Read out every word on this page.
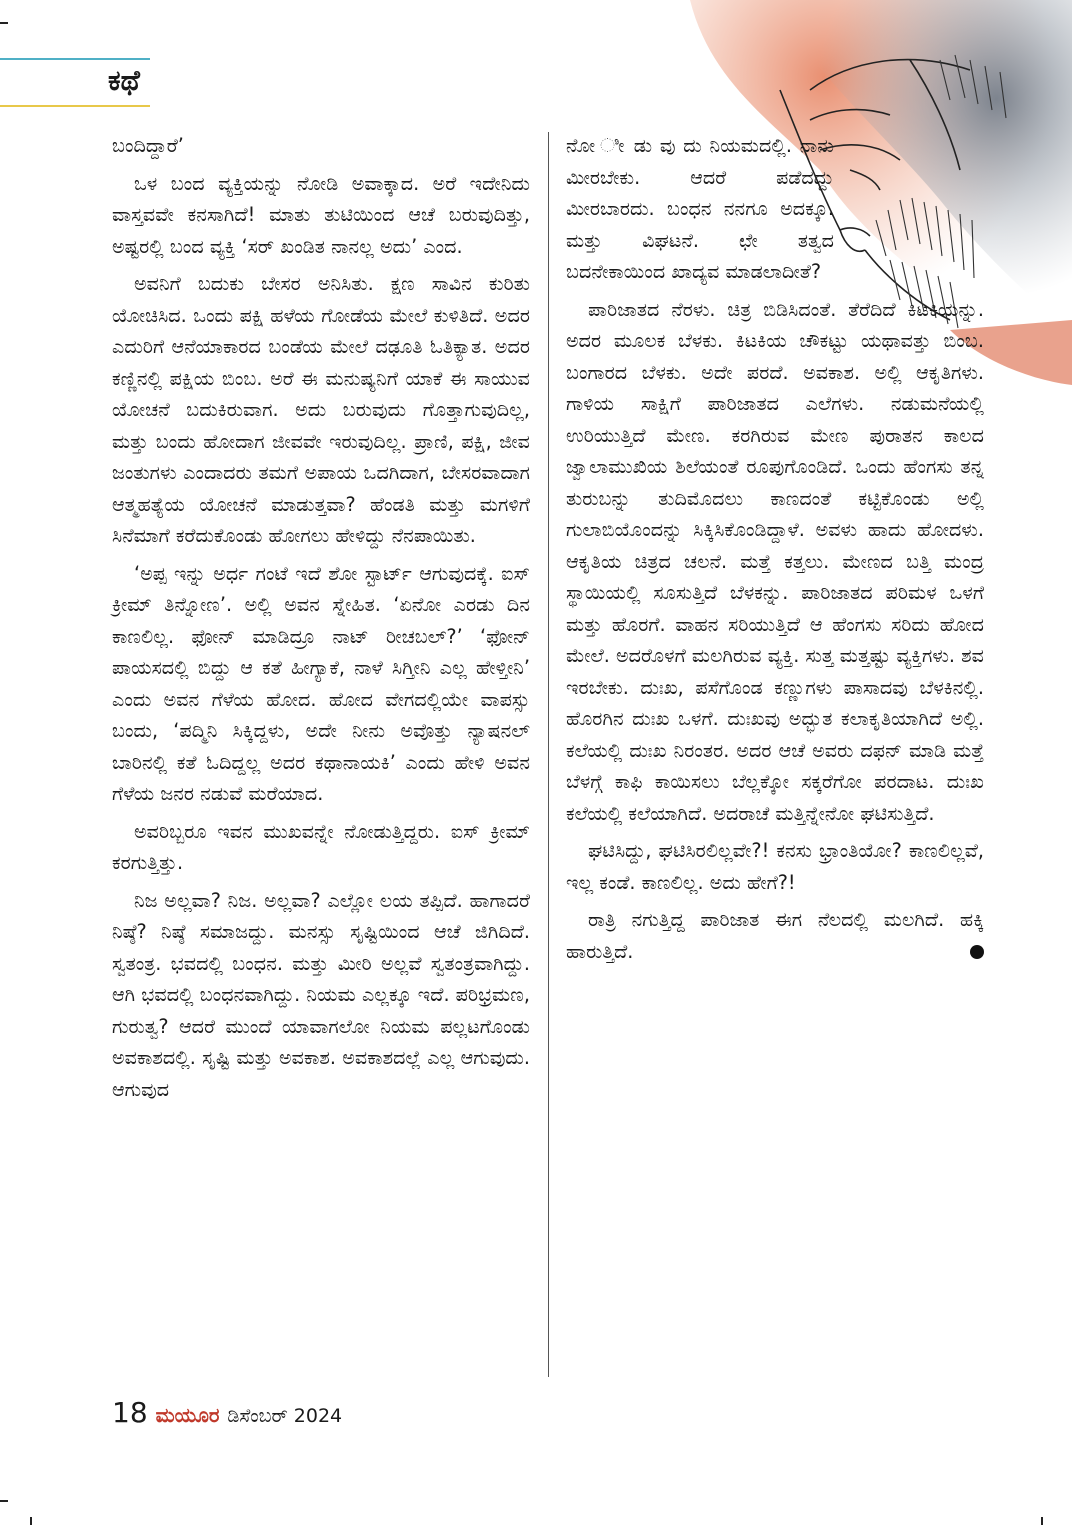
ಕಥೆ

ಬಂದಿದ್ದಾರೆ’

ಒಳ ಬಂದ ವ್ಯಕ್ತಿಯನ್ನು ನೋಡಿ ಅವಾಕ್ಕಾದ. ಅರೆ ಇದೇನಿದು ವಾಸ್ತವವೇ ಕನಸಾಗಿದೆ! ಮಾತು ತುಟಿಯಿಂದ ಆಚೆ ಬರುವುದಿತ್ತು, ಅಷ್ಟರಲ್ಲಿ ಬಂದ ವ್ಯಕ್ತಿ ‘ಸರ್ ಖಂಡಿತ ನಾನಲ್ಲ ಅದು’ ಎಂದ.

ಅವನಿಗೆ ಬದುಕು ಬೇಸರ ಅನಿಸಿತು. ಕ್ಷಣ ಸಾವಿನ ಕುರಿತು ಯೋಚಿಸಿದ. ಒಂದು ಪಕ್ಷಿ ಹಳೆಯ ಗೋಡೆಯ ಮೇಲೆ ಕುಳಿತಿದೆ. ಅದರ ಎದುರಿಗೆ ಆನೆಯಾಕಾರದ ಬಂಡೆಯ ಮೇಲೆ ದಢೂತಿ ಓತಿಕ್ಯಾತ. ಅದರ ಕಣ್ಣಿನಲ್ಲಿ ಪಕ್ಷಿಯ ಬಿಂಬ. ಅರೆ ಈ ಮನುಷ್ಯನಿಗೆ ಯಾಕೆ ಈ ಸಾಯುವ ಯೋಚನೆ ಬದುಕಿರುವಾಗ. ಅದು ಬರುವುದು ಗೊತ್ತಾಗುವುದಿಲ್ಲ, ಮತ್ತು ಬಂದು ಹೋದಾಗ ಜೀವವೇ ಇರುವುದಿಲ್ಲ. ಪ್ರಾಣಿ, ಪಕ್ಷಿ, ಜೀವ ಜಂತುಗಳು ಎಂದಾದರು ತಮಗೆ ಅಪಾಯ ಒದಗಿದಾಗ, ಬೇಸರವಾದಾಗ ಆತ್ಮಹತ್ಯೆಯ ಯೋಚನೆ ಮಾಡುತ್ತವಾ? ಹೆಂಡತಿ ಮತ್ತು ಮಗಳಿಗೆ ಸಿನೆಮಾಗೆ ಕರೆದುಕೊಂಡು ಹೋಗಲು ಹೇಳಿದ್ದು ನೆನಪಾಯಿತು.

‘ಅಪ್ಪ ಇನ್ನು ಅರ್ಧ ಗಂಟೆ ಇದೆ ಶೋ ಸ್ಟಾರ್ಟ್ ಆಗುವುದಕ್ಕೆ. ಐಸ್ ಕ್ರೀಮ್ ತಿನ್ನೋಣ’. ಅಲ್ಲಿ ಅವನ ಸ್ನೇಹಿತ. ‘ಏನೋ ಎರಡು ದಿನ ಕಾಣಲಿಲ್ಲ. ಫೋನ್ ಮಾಡಿದ್ರೂ ನಾಟ್ ರೀಚಬಲ್?’ ‘ಫೋನ್ ಪಾಯಸದಲ್ಲಿ ಬಿದ್ದು ಆ ಕತೆ ಹೀಗ್ಯಾಕೆ, ನಾಳೆ ಸಿಗ್ತೀನಿ ಎಲ್ಲ ಹೇಳ್ತೀನಿ’ ಎಂದು ಅವನ ಗೆಳೆಯ ಹೋದ. ಹೋದ ವೇಗದಲ್ಲಿಯೇ ವಾಪಸ್ಸು ಬಂದು, ‘ಪದ್ಮಿನಿ ಸಿಕ್ಕಿದ್ದಳು, ಅದೇ ನೀನು ಅವೊತ್ತು ನ್ಯಾಷನಲ್ ಬಾರಿನಲ್ಲಿ ಕತೆ ಓದಿದ್ದಲ್ಲ ಅದರ ಕಥಾನಾಯಕಿ’ ಎಂದು ಹೇಳಿ ಅವನ ಗೆಳೆಯ ಜನರ ನಡುವೆ ಮರೆಯಾದ.

ಅವರಿಬ್ಬರೂ ಇವನ ಮುಖವನ್ನೇ ನೋಡುತ್ತಿದ್ದರು. ಐಸ್ ಕ್ರೀಮ್ ಕರಗುತ್ತಿತ್ತು.

ನಿಜ ಅಲ್ಲವಾ? ನಿಜ. ಅಲ್ಲವಾ? ಎಲ್ಲೋ ಲಯ ತಪ್ಪಿದೆ. ಹಾಗಾದರೆ ನಿಷ್ಠೆ? ನಿಷ್ಠೆ ಸಮಾಜದ್ದು. ಮನಸ್ಸು ಸೃಷ್ಟಿಯಿಂದ ಆಚೆ ಜಿಗಿದಿದೆ. ಸ್ವತಂತ್ರ. ಭವದಲ್ಲಿ ಬಂಧನ. ಮತ್ತು ಮೀರಿ ಅಲ್ಲವೆ ಸ್ವತಂತ್ರವಾಗಿದ್ದು. ಆಗಿ ಭವದಲ್ಲಿ ಬಂಧನವಾಗಿದ್ದು. ನಿಯಮ ಎಲ್ಲಕ್ಕೂ ಇದೆ. ಪರಿಭ್ರಮಣ, ಗುರುತ್ವ? ಆದರೆ ಮುಂದೆ ಯಾವಾಗಲೋ ನಿಯಮ ಪಲ್ಲಟಗೊಂಡು ಅವಕಾಶದಲ್ಲಿ. ಸೃಷ್ಟಿ ಮತ್ತು ಅವಕಾಶ. ಅವಕಾಶದಲ್ಲೆ ಎಲ್ಲ ಆಗುವುದು. ಆಗುವುದ

ನೋ ೀ ಡು ವು ದು ನಿಯಮದಲ್ಲಿ. ನಾನು ಮೀರಬೇಕು. ಆದರೆ ಪಡೆದದ್ದು ಮೀರಬಾರದು. ಬಂಧನ ನನಗೂ ಅದಕ್ಕೂ. ಮತ್ತು ವಿಘಟನೆ. ಛೇ ತತ್ವದ ಬದನೇಕಾಯಿಂದ ಖಾದ್ಯವ ಮಾಡಲಾದೀತೆ?

ಪಾರಿಜಾತದ ನೆರಳು. ಚಿತ್ರ ಬಿಡಿಸಿದಂತೆ. ತೆರೆದಿದೆ ಕಿಟಕಿಯನ್ನು. ಅದರ ಮೂಲಕ ಬೆಳಕು. ಕಿಟಕಿಯ ಚೌಕಟ್ಟು ಯಥಾವತ್ತು ಬಿಂಬ. ಬಂಗಾರದ ಬೆಳಕು. ಅದೇ ಪರದೆ. ಅವಕಾಶ. ಅಲ್ಲಿ ಆಕೃತಿಗಳು. ಗಾಳಿಯ ಸಾಕ್ಷಿಗೆ ಪಾರಿಜಾತದ ಎಲೆಗಳು. ನಡುಮನೆಯಲ್ಲಿ ಉರಿಯುತ್ತಿದೆ ಮೇಣ. ಕರಗಿರುವ ಮೇಣ ಪುರಾತನ ಕಾಲದ ಜ್ವಾಲಾಮುಖಿಯ ಶಿಲೆಯಂತೆ ರೂಪುಗೊಂಡಿದೆ. ಒಂದು ಹೆಂಗಸು ತನ್ನ ತುರುಬನ್ನು ತುದಿಮೊದಲು ಕಾಣದಂತೆ ಕಟ್ಟಿಕೊಂಡು ಅಲ್ಲಿ ಗುಲಾಬಿಯೊಂದನ್ನು ಸಿಕ್ಕಿಸಿಕೊಂಡಿದ್ದಾಳೆ. ಅವಳು ಹಾದು ಹೋದಳು. ಆಕೃತಿಯ ಚಿತ್ರದ ಚಲನೆ. ಮತ್ತೆ ಕತ್ತಲು. ಮೇಣದ ಬತ್ತಿ ಮಂದ್ರ ಸ್ಥಾಯಿಯಲ್ಲಿ ಸೂಸುತ್ತಿದೆ ಬೆಳಕನ್ನು. ಪಾರಿಜಾತದ ಪರಿಮಳ ಒಳಗೆ ಮತ್ತು ಹೊರಗೆ. ವಾಹನ ಸರಿಯುತ್ತಿದೆ ಆ ಹೆಂಗಸು ಸರಿದು ಹೋದ ಮೇಲೆ. ಅದರೊಳಗೆ ಮಲಗಿರುವ ವ್ಯಕ್ತಿ. ಸುತ್ತ ಮತ್ತಷ್ಟು ವ್ಯಕ್ತಿಗಳು. ಶವ ಇರಬೇಕು. ದುಃಖ, ಪಸೆಗೊಂಡ ಕಣ್ಣುಗಳು ಪಾಸಾದವು ಬೆಳಕಿನಲ್ಲಿ. ಹೊರಗಿನ ದುಃಖ ಒಳಗೆ. ದುಃಖವು ಅದ್ಭುತ ಕಲಾಕೃತಿಯಾಗಿದೆ ಅಲ್ಲಿ. ಕಲೆಯಲ್ಲಿ ದುಃಖ ನಿರಂತರ. ಅದರ ಆಚೆ ಅವರು ದಫನ್ ಮಾಡಿ ಮತ್ತೆ ಬೆಳಗ್ಗೆ ಕಾಫಿ ಕಾಯಿಸಲು ಬೆಲ್ಲಕ್ಕೋ ಸಕ್ಕರೆಗೋ ಪರದಾಟ. ದುಃಖ ಕಲೆಯಲ್ಲಿ ಕಲೆಯಾಗಿದೆ. ಅದರಾಚೆ ಮತ್ತಿನ್ನೇನೋ ಘಟಿಸುತ್ತಿದೆ.

ಘಟಿಸಿದ್ದು, ಘಟಿಸಿರಲಿಲ್ಲವೇ?! ಕನಸು ಭ್ರಾಂತಿಯೋ? ಕಾಣಲಿಲ್ಲವೆ, ಇಲ್ಲ ಕಂಡೆ. ಕಾಣಲಿಲ್ಲ. ಅದು ಹೇಗೆ?!

ರಾತ್ರಿ ನಗುತ್ತಿದ್ದ ಪಾರಿಜಾತ ಈಗ ನೆಲದಲ್ಲಿ ಮಲಗಿದೆ. ಹಕ್ಕಿ ಹಾರುತ್ತಿದೆ.

18 ಮಯೂರ ಡಿಸೆಂಬರ್ 2024
